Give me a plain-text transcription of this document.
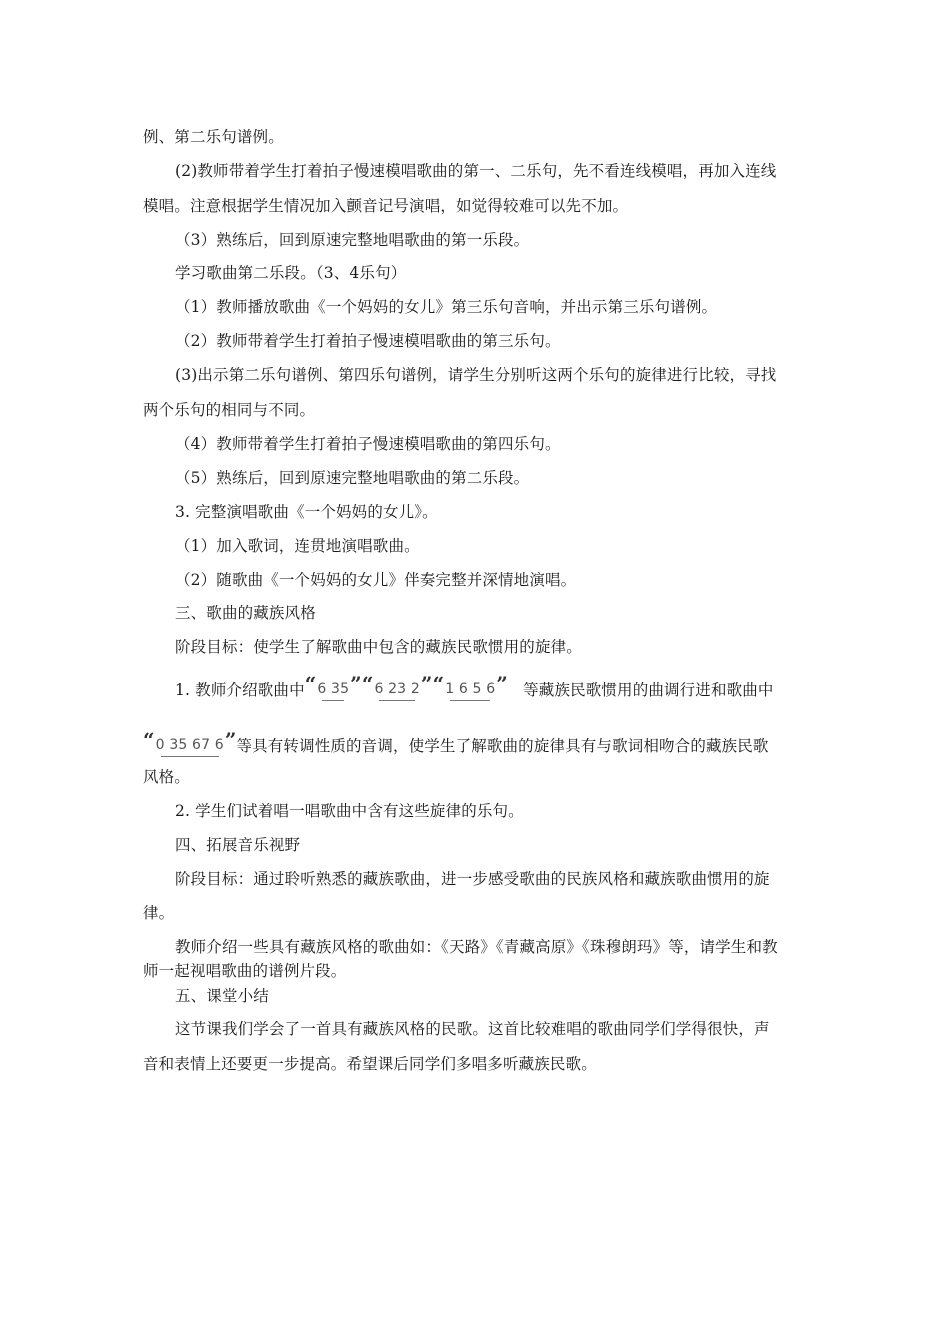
例、第二乐句谱例。
(2)教师带着学生打着拍子慢速模唱歌曲的第一、二乐句，先不看连线模唱，再加入连线
模唱。注意根据学生情况加入颤音记号演唱，如觉得较难可以先不加。
（3）熟练后，回到原速完整地唱歌曲的第一乐段。
学习歌曲第二乐段。（3、4乐句）
（1）教师播放歌曲《一个妈妈的女儿》第三乐句音响，并出示第三乐句谱例。
（2）教师带着学生打着拍子慢速模唱歌曲的第三乐句。
(3)出示第二乐句谱例、第四乐句谱例，请学生分别听这两个乐句的旋律进行比较，寻找
两个乐句的相同与不同。
（4）教师带着学生打着拍子慢速模唱歌曲的第四乐句。
（5）熟练后，回到原速完整地唱歌曲的第二乐段。
3. 完整演唱歌曲《一个妈妈的女儿》。
（1）加入歌词，连贯地演唱歌曲。
（2）随歌曲《一个妈妈的女儿》伴奏完整并深情地演唱。
三、歌曲的藏族风格
阶段目标：使学生了解歌曲中包含的藏族民歌惯用的旋律。
1. 教师介绍歌曲中“6 35”“6 23 2”“1 6 5 6” 等藏族民歌惯用的曲调行进和歌曲中
“0 35 67 6”等具有转调性质的音调，使学生了解歌曲的旋律具有与歌词相吻合的藏族民歌
风格。
2. 学生们试着唱一唱歌曲中含有这些旋律的乐句。
四、拓展音乐视野
阶段目标：通过聆听熟悉的藏族歌曲，进一步感受歌曲的民族风格和藏族歌曲惯用的旋
律。
教师介绍一些具有藏族风格的歌曲如：《天路》《青藏高原》《珠穆朗玛》等，请学生和教
师一起视唱歌曲的谱例片段。
五、课堂小结
这节课我们学会了一首具有藏族风格的民歌。这首比较难唱的歌曲同学们学得很快，声
音和表情上还要更一步提高。希望课后同学们多唱多听藏族民歌。
